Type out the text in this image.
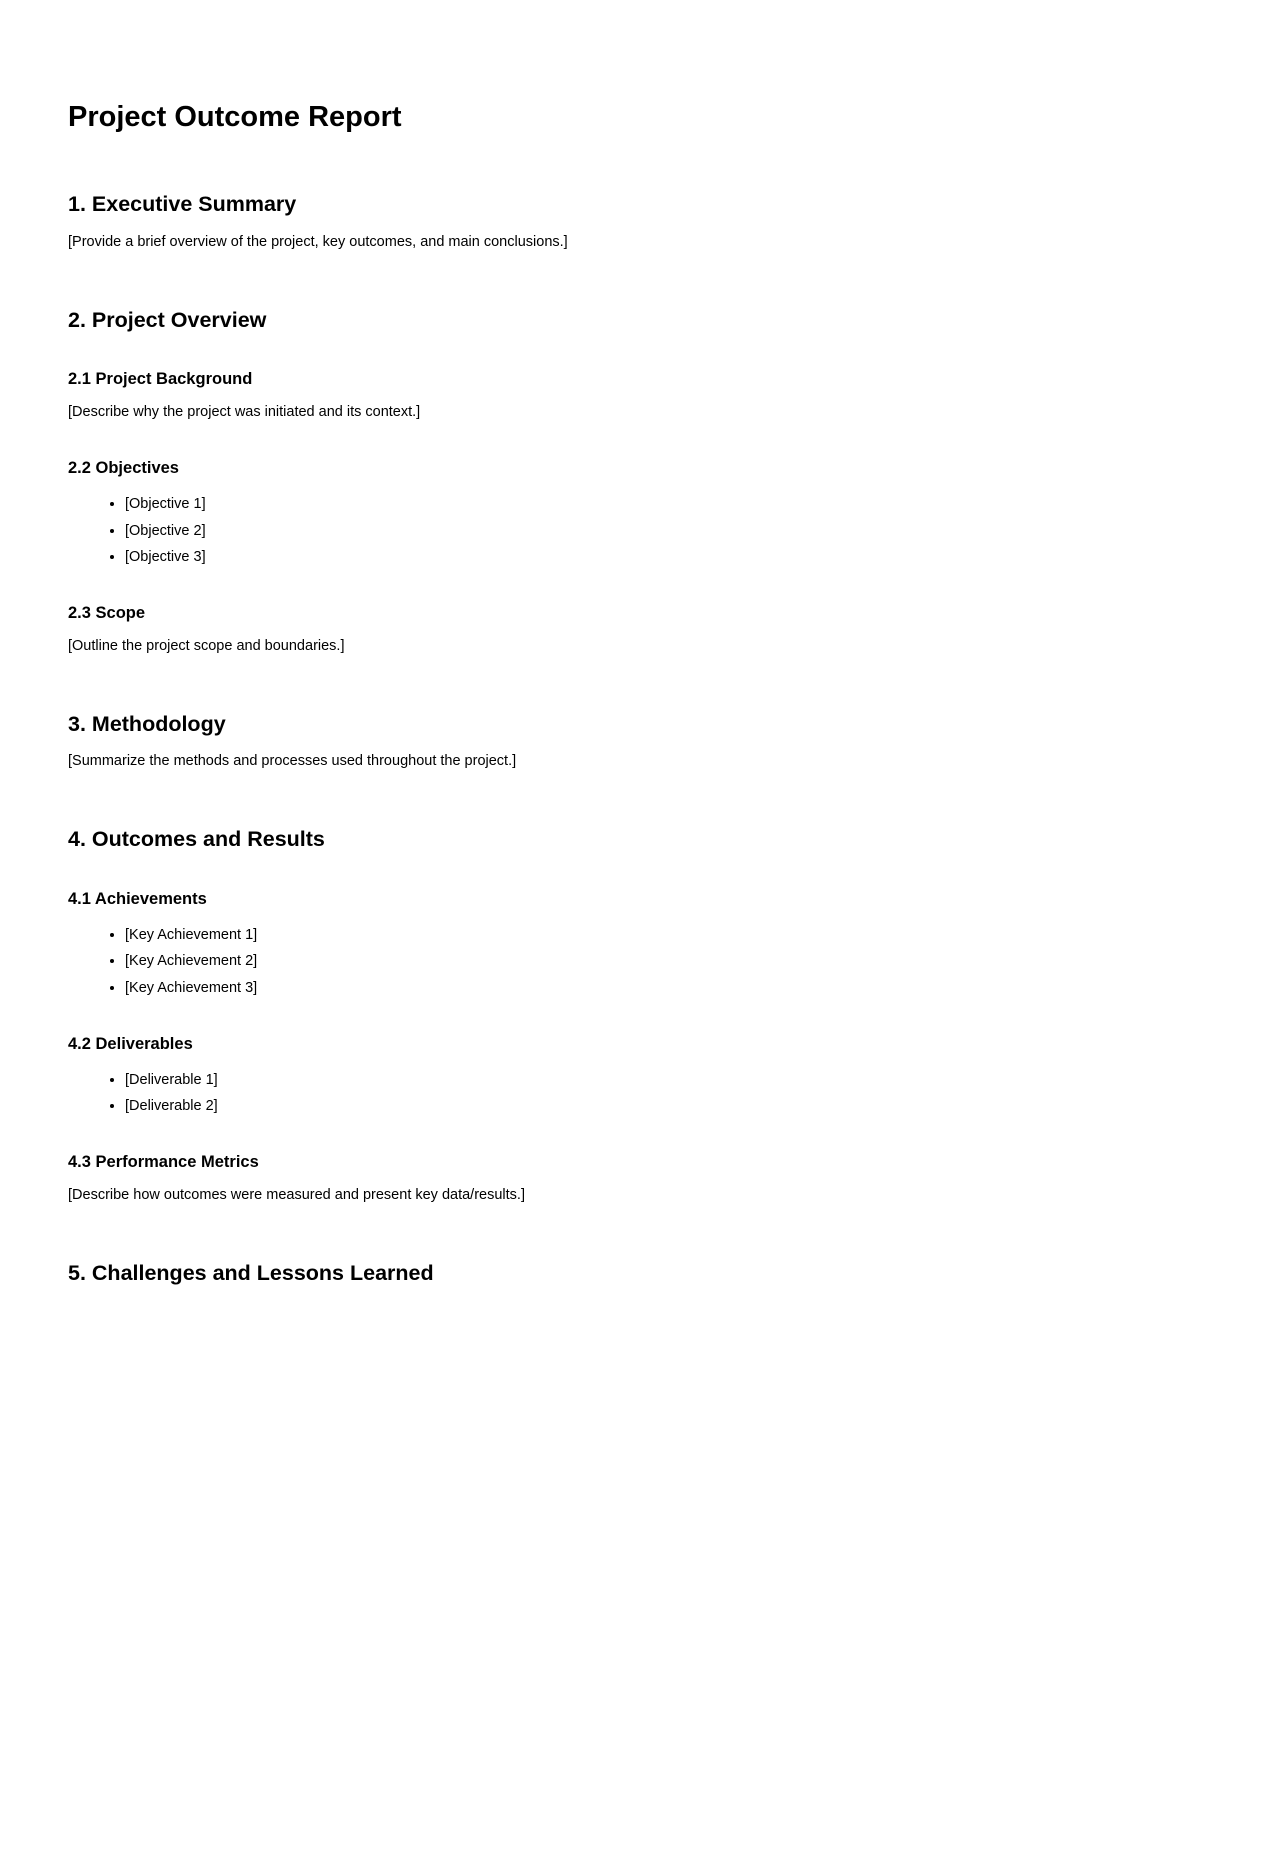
Project Outcome Report
1. Executive Summary

[Provide a brief overview of the project, key outcomes, and main conclusions.]

2. Project Overview
2.1 Project Background

[Describe why the project was initiated and its context.]

2.2 Objectives
• [Objective 1]
• [Objective 2]
• [Objective 3]
2.3 Scope

[Outline the project scope and boundaries.]

3. Methodology

[Summarize the methods and processes used throughout the project.]

4. Outcomes and Results
4.1 Achievements
• [Key Achievement 1]
• [Key Achievement 2]
• [Key Achievement 3]
4.2 Deliverables
• [Deliverable 1]
• [Deliverable 2]
4.3 Performance Metrics

[Describe how outcomes were measured and present key data/results.]

5. Challenges and Lessons Learned
